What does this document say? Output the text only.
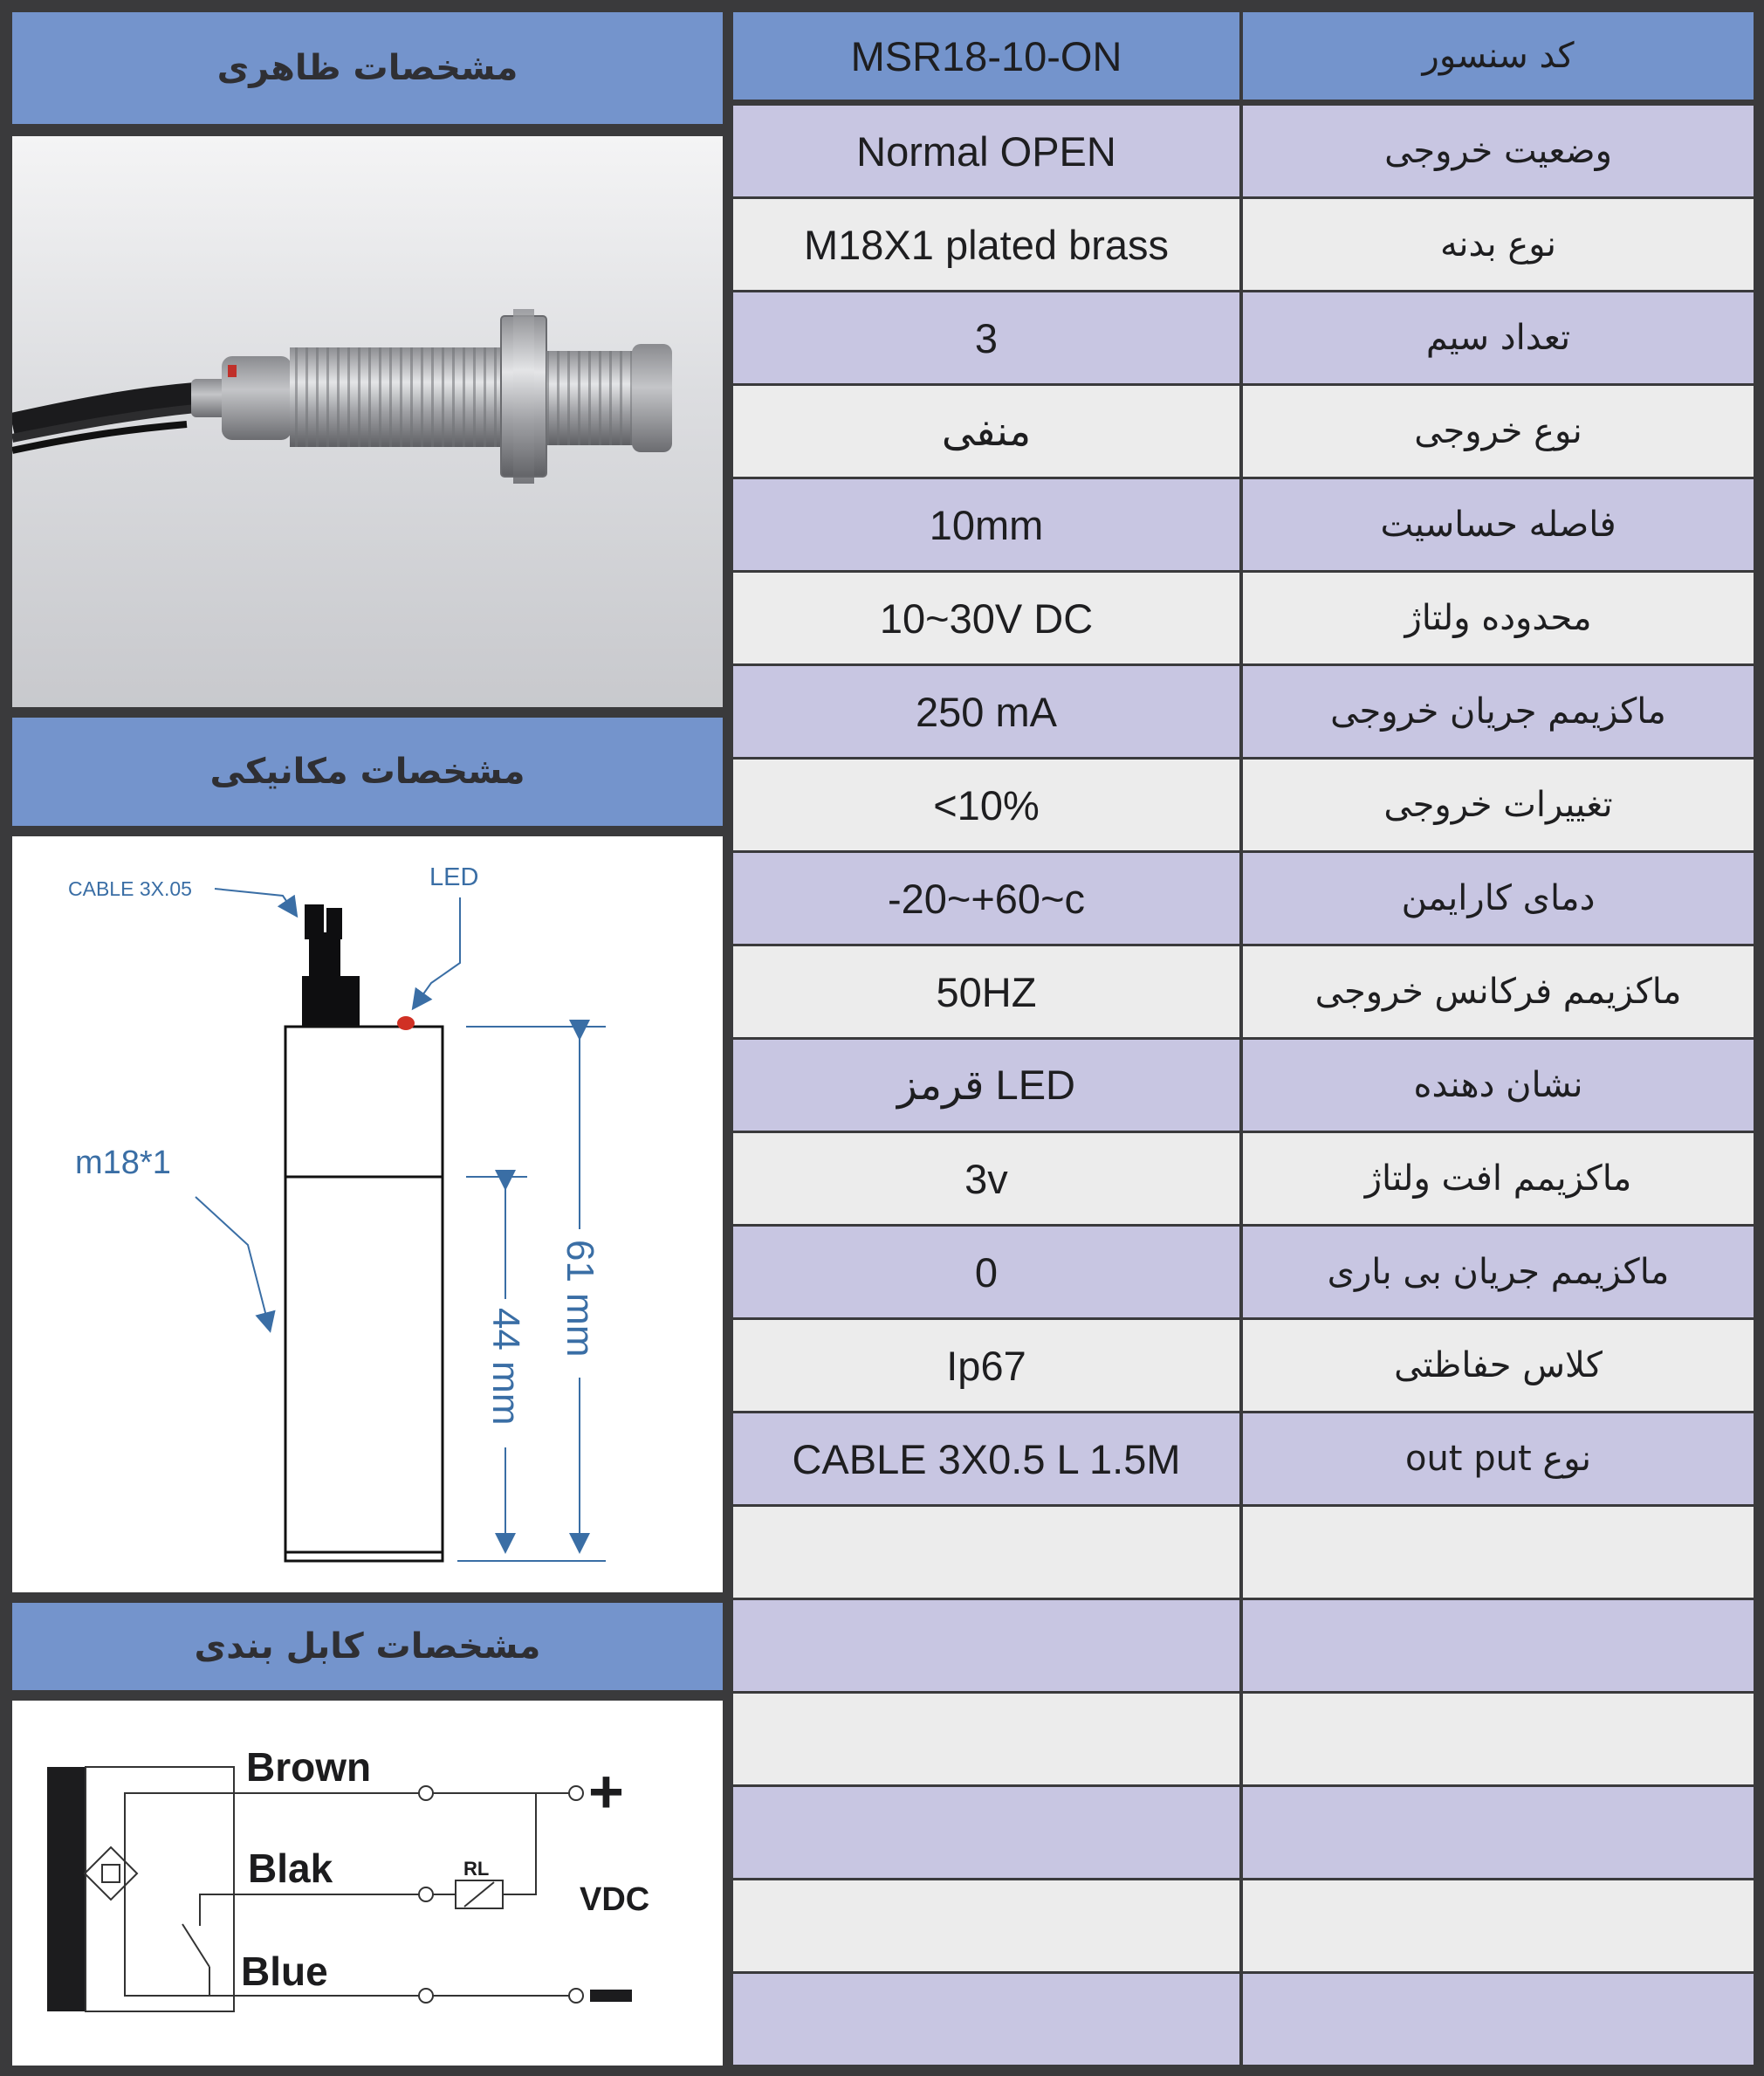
مشخصات ظاهری
مشخصات مکانیکی
CABLE 3X.05	LED
m18*1
61 mm
44 mm
مشخصات کابل بندی
Brown	+
Blak	RL
VDC
Blue
MSR18-10-ON	کد سنسور
Normal OPEN	وضعیت خروجی
M18X1 plated brass	نوع بدنه
3	تعداد سیم
منفی	نوع خروجی
10mm	فاصله حساسیت
10~30V DC	محدوده ولتاژ
250 mA	ماکزیمم جریان خروجی
<10%	تغییرات خروجی
-20~+60~c	دمای کارایمن
50HZ	ماکزیمم فرکانس خروجی
قرمز LED	نشان دهنده
3v	ماکزیمم افت ولتاژ
0	ماکزیمم جریان بی باری
Ip67	کلاس حفاظتی
CABLE 3X0.5 L 1.5M	نوع out put
